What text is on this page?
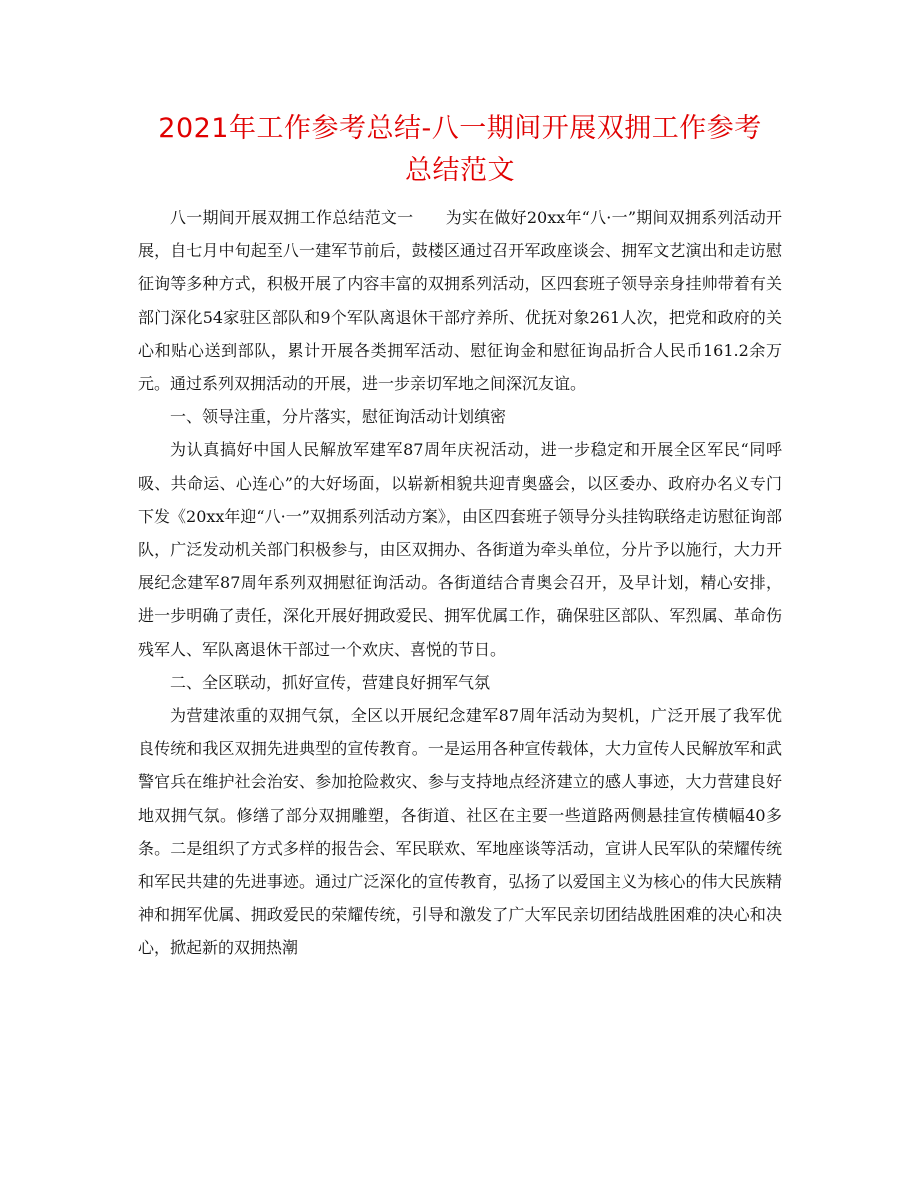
2021年工作参考总结-八一期间开展双拥工作参考
总结范文

八一期间开展双拥工作总结范文一　　为实在做好20xx年“八·一”期间双拥系列活动开展，自七月中旬起至八一建军节前后，鼓楼区通过召开军政座谈会、拥军文艺演出和走访慰征询等多种方式，积极开展了内容丰富的双拥系列活动，区四套班子领导亲身挂帅带着有关部门深化54家驻区部队和9个军队离退休干部疗养所、优抚对象261人次，把党和政府的关心和贴心送到部队，累计开展各类拥军活动、慰征询金和慰征询品折合人民币161.2余万元。通过系列双拥活动的开展，进一步亲切军地之间深沉友谊。

一、领导注重，分片落实，慰征询活动计划缜密

为认真搞好中国人民解放军建军87周年庆祝活动，进一步稳定和开展全区军民“同呼吸、共命运、心连心”的大好场面，以崭新相貌共迎青奥盛会，以区委办、政府办名义专门下发《20xx年迎“八·一”双拥系列活动方案》，由区四套班子领导分头挂钩联络走访慰征询部队，广泛发动机关部门积极参与，由区双拥办、各街道为牵头单位，分片予以施行，大力开展纪念建军87周年系列双拥慰征询活动。各街道结合青奥会召开，及早计划，精心安排，进一步明确了责任，深化开展好拥政爱民、拥军优属工作，确保驻区部队、军烈属、革命伤残军人、军队离退休干部过一个欢庆、喜悦的节日。

二、全区联动，抓好宣传，营建良好拥军气氛

为营建浓重的双拥气氛，全区以开展纪念建军87周年活动为契机，广泛开展了我军优良传统和我区双拥先进典型的宣传教育。一是运用各种宣传载体，大力宣传人民解放军和武警官兵在维护社会治安、参加抢险救灾、参与支持地点经济建立的感人事迹，大力营建良好地双拥气氛。修缮了部分双拥雕塑，各街道、社区在主要一些道路两侧悬挂宣传横幅40多条。二是组织了方式多样的报告会、军民联欢、军地座谈等活动，宣讲人民军队的荣耀传统和军民共建的先进事迹。通过广泛深化的宣传教育，弘扬了以爱国主义为核心的伟大民族精神和拥军优属、拥政爱民的荣耀传统，引导和激发了广大军民亲切团结战胜困难的决心和决心，掀起新的双拥热潮
